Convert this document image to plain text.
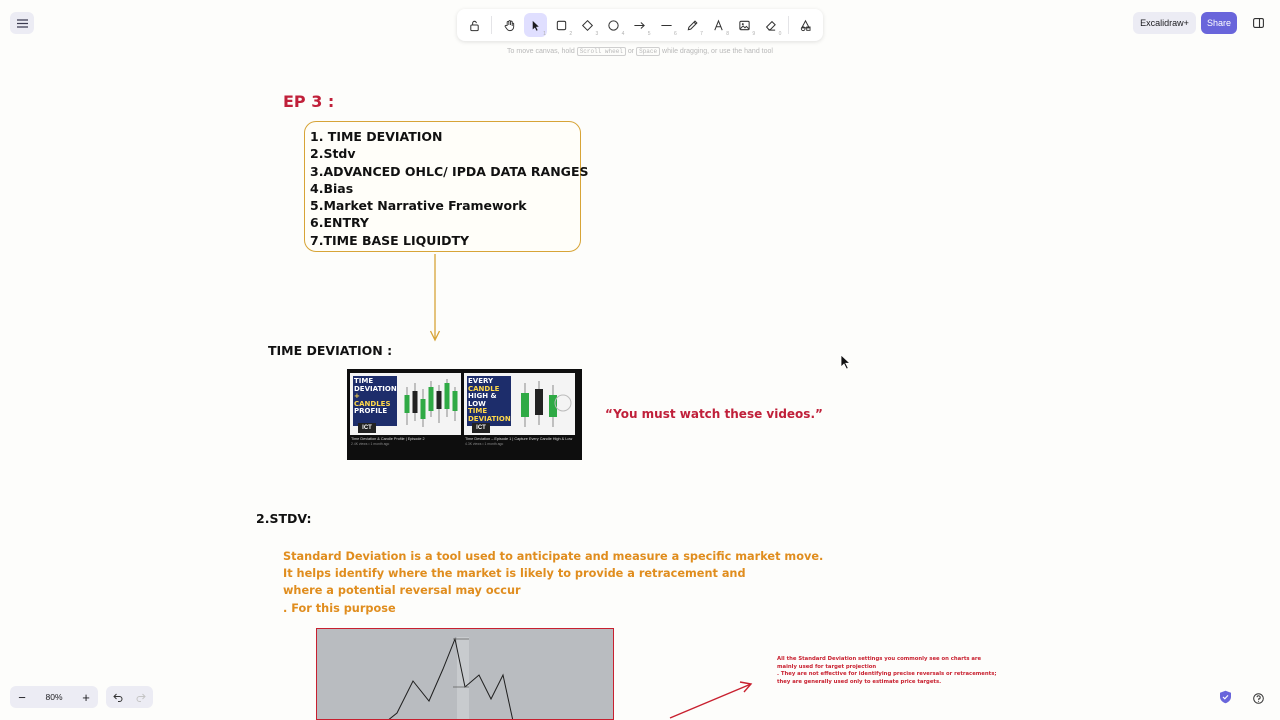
1	2	3	4	5	6	7	8	9	0
To move canvas, hold Scroll wheel or Space while dragging, or use the hand tool
Excalidraw+	Share
EP 3 :
1. TIME DEVIATION
2.Stdv
3.ADVANCED OHLC/ IPDA DATA RANGES
4.Bias
5.Market Narrative Framework
6.ENTRY
7.TIME BASE LIQUIDTY
TIME DEVIATION :
TIME
DEVIATION
+ CANDLES
PROFILE
ICT
Time Deviation & Candle Profile | Episode 2
2.4K views • 1 month ago
EVERY
CANDLE
HIGH & LOW
TIME DEVIATION
ICT
Time Deviation – Episode 1 | Capture Every Candle High & Low
4.3K views • 1 month ago
“You must watch these videos.”
2.STDV:
Standard Deviation is a tool used to anticipate and measure a specific market move.
It helps identify where the market is likely to provide a retracement and
where a potential reversal may occur
. For this purpose
All the Standard Deviation settings you commonly see on charts are
mainly used for target projection
. They are not effective for identifying precise reversals or retracements;
they are generally used only to estimate price targets.
−	80%	+
